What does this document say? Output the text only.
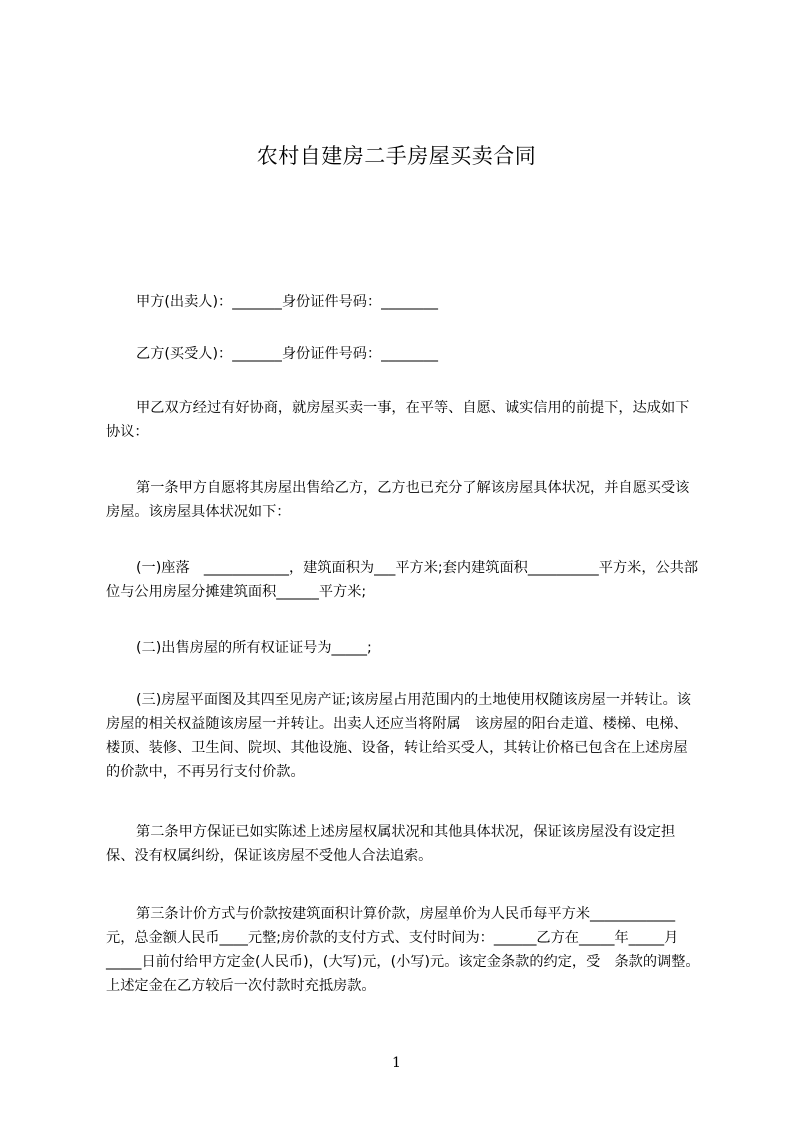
农村自建房二手房屋买卖合同

甲方(出卖人)：_______身份证件号码：________

乙方(买受人)：_______身份证件号码：________

甲乙双方经过有好协商，就房屋买卖一事，在平等、自愿、诚实信用的前提下，达成如下协议：

第一条甲方自愿将其房屋出售给乙方，乙方也已充分了解该房屋具体状况，并自愿买受该房屋。该房屋具体状况如下：

(一)座落　____________，建筑面积为___平方米;套内建筑面积__________平方米，公共部位与公用房屋分摊建筑面积______平方米;

(二)出售房屋的所有权证证号为_____;

(三)房屋平面图及其四至见房产证;该房屋占用范围内的土地使用权随该房屋一并转让。该房屋的相关权益随该房屋一并转让。出卖人还应当将附属　该房屋的阳台走道、楼梯、电梯、楼顶、装修、卫生间、院坝、其他设施、设备，转让给买受人，其转让价格已包含在上述房屋的价款中，不再另行支付价款。

第二条甲方保证已如实陈述上述房屋权属状况和其他具体状况，保证该房屋没有设定担保、没有权属纠纷，保证该房屋不受他人合法追索。

第三条计价方式与价款按建筑面积计算价款，房屋单价为人民币每平方米____________元，总金额人民币____元整;房价款的支付方式、支付时间为：______乙方在_____年_____月_____日前付给甲方定金(人民币)，(大写)元，(小写)元。该定金条款的约定，受　条款的调整。上述定金在乙方较后一次付款时充抵房款。

1
